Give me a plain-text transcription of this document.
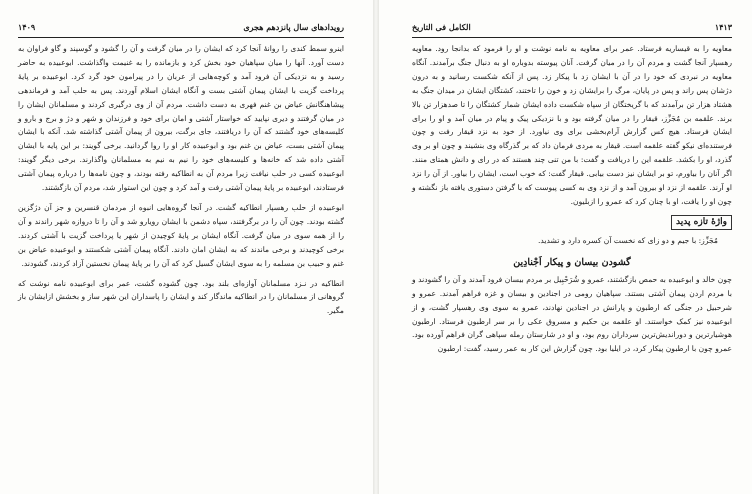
رویدادهای سال پانزدهم هجری
۱۴۰۹

اینرو سمط کندی را روانهٔ آنجا کرد که ایشان را در میان گرفت و آن را گشود و گوسپند و گاو فراوان به دست آورد. آنها را میان سپاهیان خود بخش کرد و بازمانده را به غنیمت واگذاشت. ابوعبیده به حاضر رسید و به نزدیکی آن فرود آمد و کوچه‌هایی از عربان را در پیرامون خود گرد کرد. ابوعبیده بر پایهٔ پرداخت گزیت با ایشان پیمان آشتی بست و آنگاه ایشان اسلام آوردند. پس به حلب آمد و فرماندهی پیشاهنگانش عیاض بن غنم فهری به دست داشت. مردم آن از وی درگیری کردند و مسلمانان ایشان را در میان گرفتند و دیری نپایید که خواستار آشتی و امان برای خود و فرزندان و شهر و دژ و برج و بارو و کلیسه‌های خود گشتند که آن را دریافتند، جای برگت، بیرون از پیمان آشتی گذاشته شد. آنکه با ایشان پیمان آشتی بست، عیاض بن غنم بود و ابوعبیده کار او را روا گردانید. برخی گویند: بر این پایه با ایشان آشتی داده شد که خانه‌ها و کلیسه‌های خود را نیم به نیم به مسلمانان واگذارند. برخی دیگر گویند: ابوعبیده کسی در حلب نیافت زیرا مردم آن به انطاکیه رفته بودند، و چون نامه‌ها را درباره پیمان آشتی فرستادند، ابوعبیده بر پایهٔ پیمان آشتی رفت و آمد کرد و چون این استوار شد، مردم آن بازگشتند.

ابوعبیده از حلب رهسپار انطاکیه گشت. در آنجا گروه‌هایی انبوه از مردمان قنسرین و جز آن دژگزین گشته بودند. چون آن را در برگرفتند، سپاه دشمن با ایشان رویارو شد و آن را تا دروازه شهر راندند و آن را از همه سوی در میان گرفت. آنگاه ایشان بر پایهٔ کوچیدن از شهر یا پرداخت گزیت با آشتی کردند. برخی کوچیدند و برخی ماندند که به ایشان امان دادند. آنگاه پیمان آشتی شکستند و ابوعبیده عیاض بن غنم و حبیب بن مسلمه را به سوی ایشان گسیل کرد که آن را بر پایهٔ پیمان نخستین آزاد کردند، گشودند.

انطاکیه در نـزد مسلمانان آوازه‌ای بلند بود. چون گشوده گشت، عمر برای ابوعبیده نامه نوشت که گروهانی از مسلمانان را در انطاکیه ماندگار کند و ایشان را پاسداران این شهر ساز و بخشش ازایشان باز مگیر.

۱۴۱۳
الکامل فی التاریخ

معاویه را به قیساریه فرستاد. عمر برای معاویه به نامه نوشت و او را فرمود که بدانجا رود. معاویه رهسپار آنجا گشت و مردم آن را در میان گرفت. آنان پیوسته بدوباره او به دنبال جنگ برآمدند. آنگاه معاویه در نبردی که خود را در آن با ایشان زد با پیکار زد. پس از آنکه شکست رسانید و به درون دژشان پس راند و پس در پایان، مرگ را برایشان زد و خون را تاختند، کشتگان ایشان در میدان جنگ به هشتاد هزار تن برآمدند که با گریختگان از سپاه شکست داده ایشان شمار کشتگان را تا صدهزار تن بالا برند. علقمه بن مُجَزِّز، قیقار را در میان گرفته بود و با نزدیکی پیک و پیام در میان آمد و او را برای ایشان فرستاد. هیچ کس گزارش آرام‌بخشی برای وی نیاورد. از خود به نزد قیقار رفت و چون فرستنده‌ای نیکو گفته علقمه است. قیقار به مردی فرمان داد که بر گذرگاه وی بنشیند و چون او بر وی گذرد، او را بکشد. علقمه این را دریافت و گفت: با من تنی چند هستند که در رای و دانش همتای منند. اگر آنان را بیاورم، تو بر ایشان نیز دست بیابی. قیقار گفت: که خوب است، ایشان را بیاور. از آن را نزد او آرند. علقمه از نزد او بیرون آمد و از نزد وی به کسی پیوست که با گرفتن دستوری یافته باز نگشته و چون او را یافت، او با چنان کرد که عمرو را ازبلیون.

واژهٔ تازه پدید

مُجَزِّز: با جیم و دو زای که نخست آن کسره دارد و تشدید.

گشودن بیسان و پیکار اَجْنادِین

چون خالد و ابوعبیده به حمص بازگشتند، عمرو و شُرَحْبِیل بر مردم بیسان فرود آمدند و آن را گشودند و با مردم اردن پیمان آشتی بستند. سپاهیان رومی در اجنادین و بیسان و غزه فراهم آمدند. عمرو و شرحبیل در جنگی که ارطبون و پارانش در اجنادین نهادند، عمرو به سوی وی رهسپار گشت، و از ابوعبیده نیز کمک خواستند. او علقمه بن حکیم و مسروق عکی را بر سر ارطبون فرستاد. ارطبون هوشیارترین و دوراندیش‌ترین سرداران روم بود، و او در شارستان رمله سپاهی گران فراهم آورده بود. عمرو چون با ارطبون پیکار کرد، در ایلیا بود. چون گزارش این کار به عمر رسید، گفت: ارطبون
